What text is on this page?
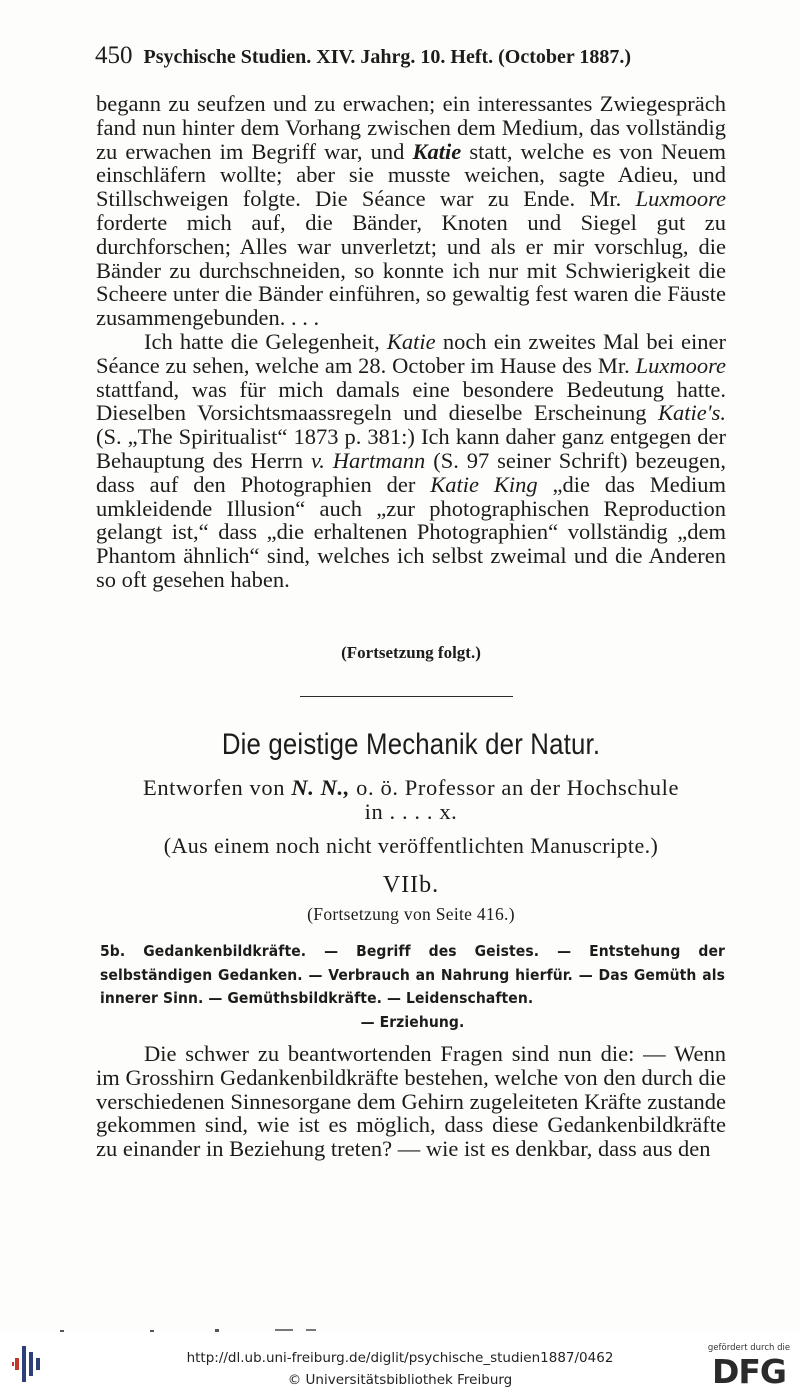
450 Psychische Studien. XIV. Jahrg. 10. Heft. (October 1887.)

begann zu seufzen und zu erwachen; ein interessantes Zwiegespräch fand nun hinter dem Vorhang zwischen dem Medium, das vollständig zu erwachen im Begriff war, und Katie statt, welche es von Neuem einschläfern wollte; aber sie musste weichen, sagte Adieu, und Stillschweigen folgte. Die Séance war zu Ende. Mr. Luxmoore forderte mich auf, die Bänder, Knoten und Siegel gut zu durchforschen; Alles war unverletzt; und als er mir vorschlug, die Bänder zu durchschneiden, so konnte ich nur mit Schwierigkeit die Scheere unter die Bänder einführen, so gewaltig fest waren die Fäuste zusammengebunden. . . .

Ich hatte die Gelegenheit, Katie noch ein zweites Mal bei einer Séance zu sehen, welche am 28. October im Hause des Mr. Luxmoore stattfand, was für mich damals eine besondere Bedeutung hatte. Dieselben Vorsichtsmaassregeln und dieselbe Erscheinung Katie's. (S. „The Spiritualist“ 1873 p. 381:) Ich kann daher ganz entgegen der Behauptung des Herrn v. Hartmann (S. 97 seiner Schrift) bezeugen, dass auf den Photographien der Katie King „die das Medium umkleidende Illusion“ auch „zur photographischen Reproduction gelangt ist,“ dass „die erhaltenen Photographien“ vollständig „dem Phantom ähnlich“ sind, welches ich selbst zweimal und die Anderen so oft gesehen haben.

(Fortsetzung folgt.)
Die geistige Mechanik der Natur.
Entworfen von N. N., o. ö. Professor an der Hochschule
in . . . . x.
(Aus einem noch nicht veröffentlichten Manuscripte.)
VIIb.
(Fortsetzung von Seite 416.)
5b. Gedankenbildkräfte. — Begriff des Geistes. — Entstehung der selbständigen Gedanken. — Verbrauch an Nahrung hierfür. — Das Gemüth als innerer Sinn. — Gemüthsbildkräfte. — Leidenschaften.
— Erziehung.

Die schwer zu beantwortenden Fragen sind nun die: — Wenn im Grosshirn Gedankenbildkräfte bestehen, welche von den durch die verschiedenen Sinnesorgane dem Gehirn zugeleiteten Kräfte zustande gekommen sind, wie ist es möglich, dass diese Gedankenbildkräfte zu einander in Beziehung treten? — wie ist es denkbar, dass aus den

http://dl.ub.uni-freiburg.de/diglit/psychische_studien1887/0462
© Universitätsbibliothek Freiburg
gefördert durch die
DFG
